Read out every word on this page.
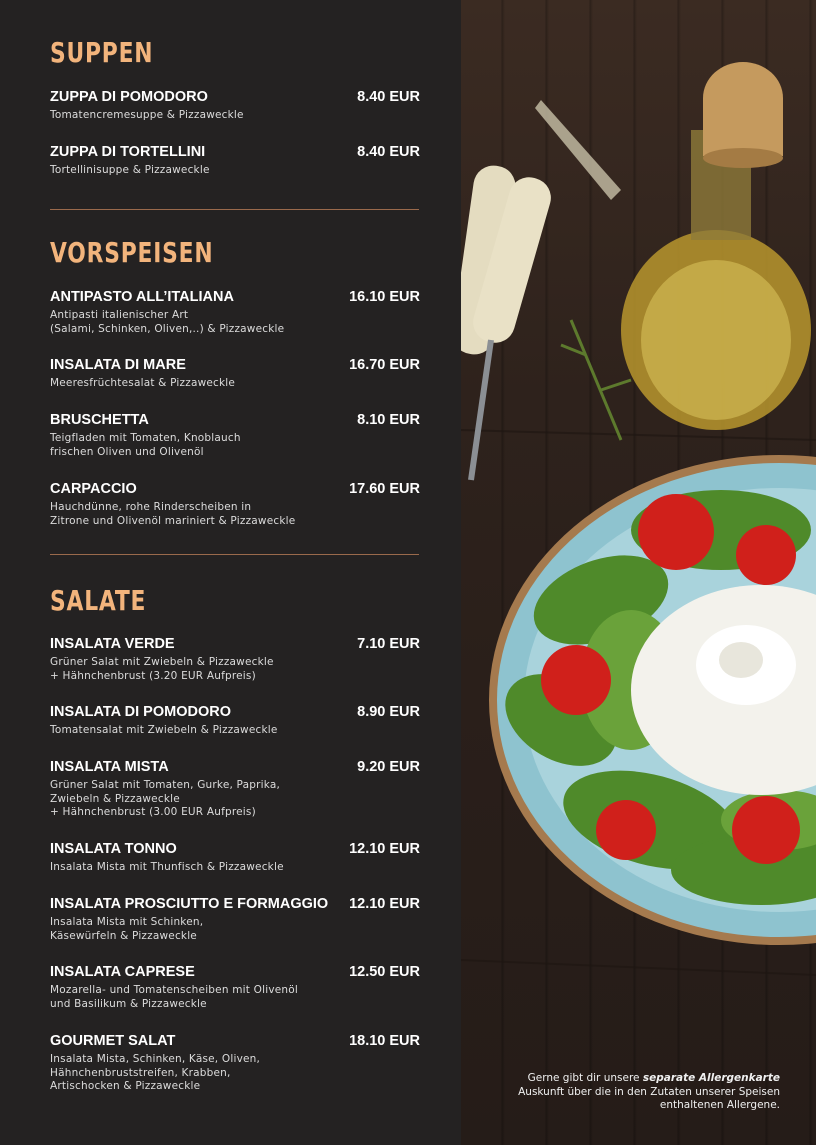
SUPPEN
ZUPPA DI POMODORO	8.40 EUR
Tomatencremesuppe & Pizzaweckle
ZUPPA DI TORTELLINI	8.40 EUR
Tortellinisuppe & Pizzaweckle
VORSPEISEN
ANTIPASTO ALL’ITALIANA	16.10 EUR
Antipasti italienischer Art
(Salami, Schinken, Oliven,..) & Pizzaweckle
INSALATA DI MARE	16.70 EUR
Meeresfrüchtesalat & Pizzaweckle
BRUSCHETTA	8.10 EUR
Teigfladen mit Tomaten, Knoblauch
frischen Oliven und Olivenöl
CARPACCIO	17.60 EUR
Hauchdünne, rohe Rinderscheiben in
Zitrone und Olivenöl mariniert & Pizzaweckle
SALATE
INSALATA VERDE	7.10 EUR
Grüner Salat mit Zwiebeln & Pizzaweckle
+ Hähnchenbrust (3.20 EUR Aufpreis)
INSALATA DI POMODORO	8.90 EUR
Tomatensalat mit Zwiebeln & Pizzaweckle
INSALATA MISTA	9.20 EUR
Grüner Salat mit Tomaten, Gurke, Paprika,
Zwiebeln & Pizzaweckle
+ Hähnchenbrust (3.00 EUR Aufpreis)
INSALATA TONNO	12.10 EUR
Insalata Mista mit Thunfisch & Pizzaweckle
INSALATA PROSCIUTTO E FORMAGGIO 12.10 EUR
Insalata Mista mit Schinken,
Käsewürfeln & Pizzaweckle
INSALATA CAPRESE	12.50 EUR
Mozarella- und Tomatenscheiben mit Olivenöl
und Basilikum & Pizzaweckle
GOURMET SALAT	18.10 EUR
Insalata Mista, Schinken, Käse, Oliven,
Hähnchenbruststreifen, Krabben,
Artischocken & Pizzaweckle
Gerne gibt dir unsere separate Allergenkarte Auskunft über die in den Zutaten unserer Speisen enthaltenen Allergene.
